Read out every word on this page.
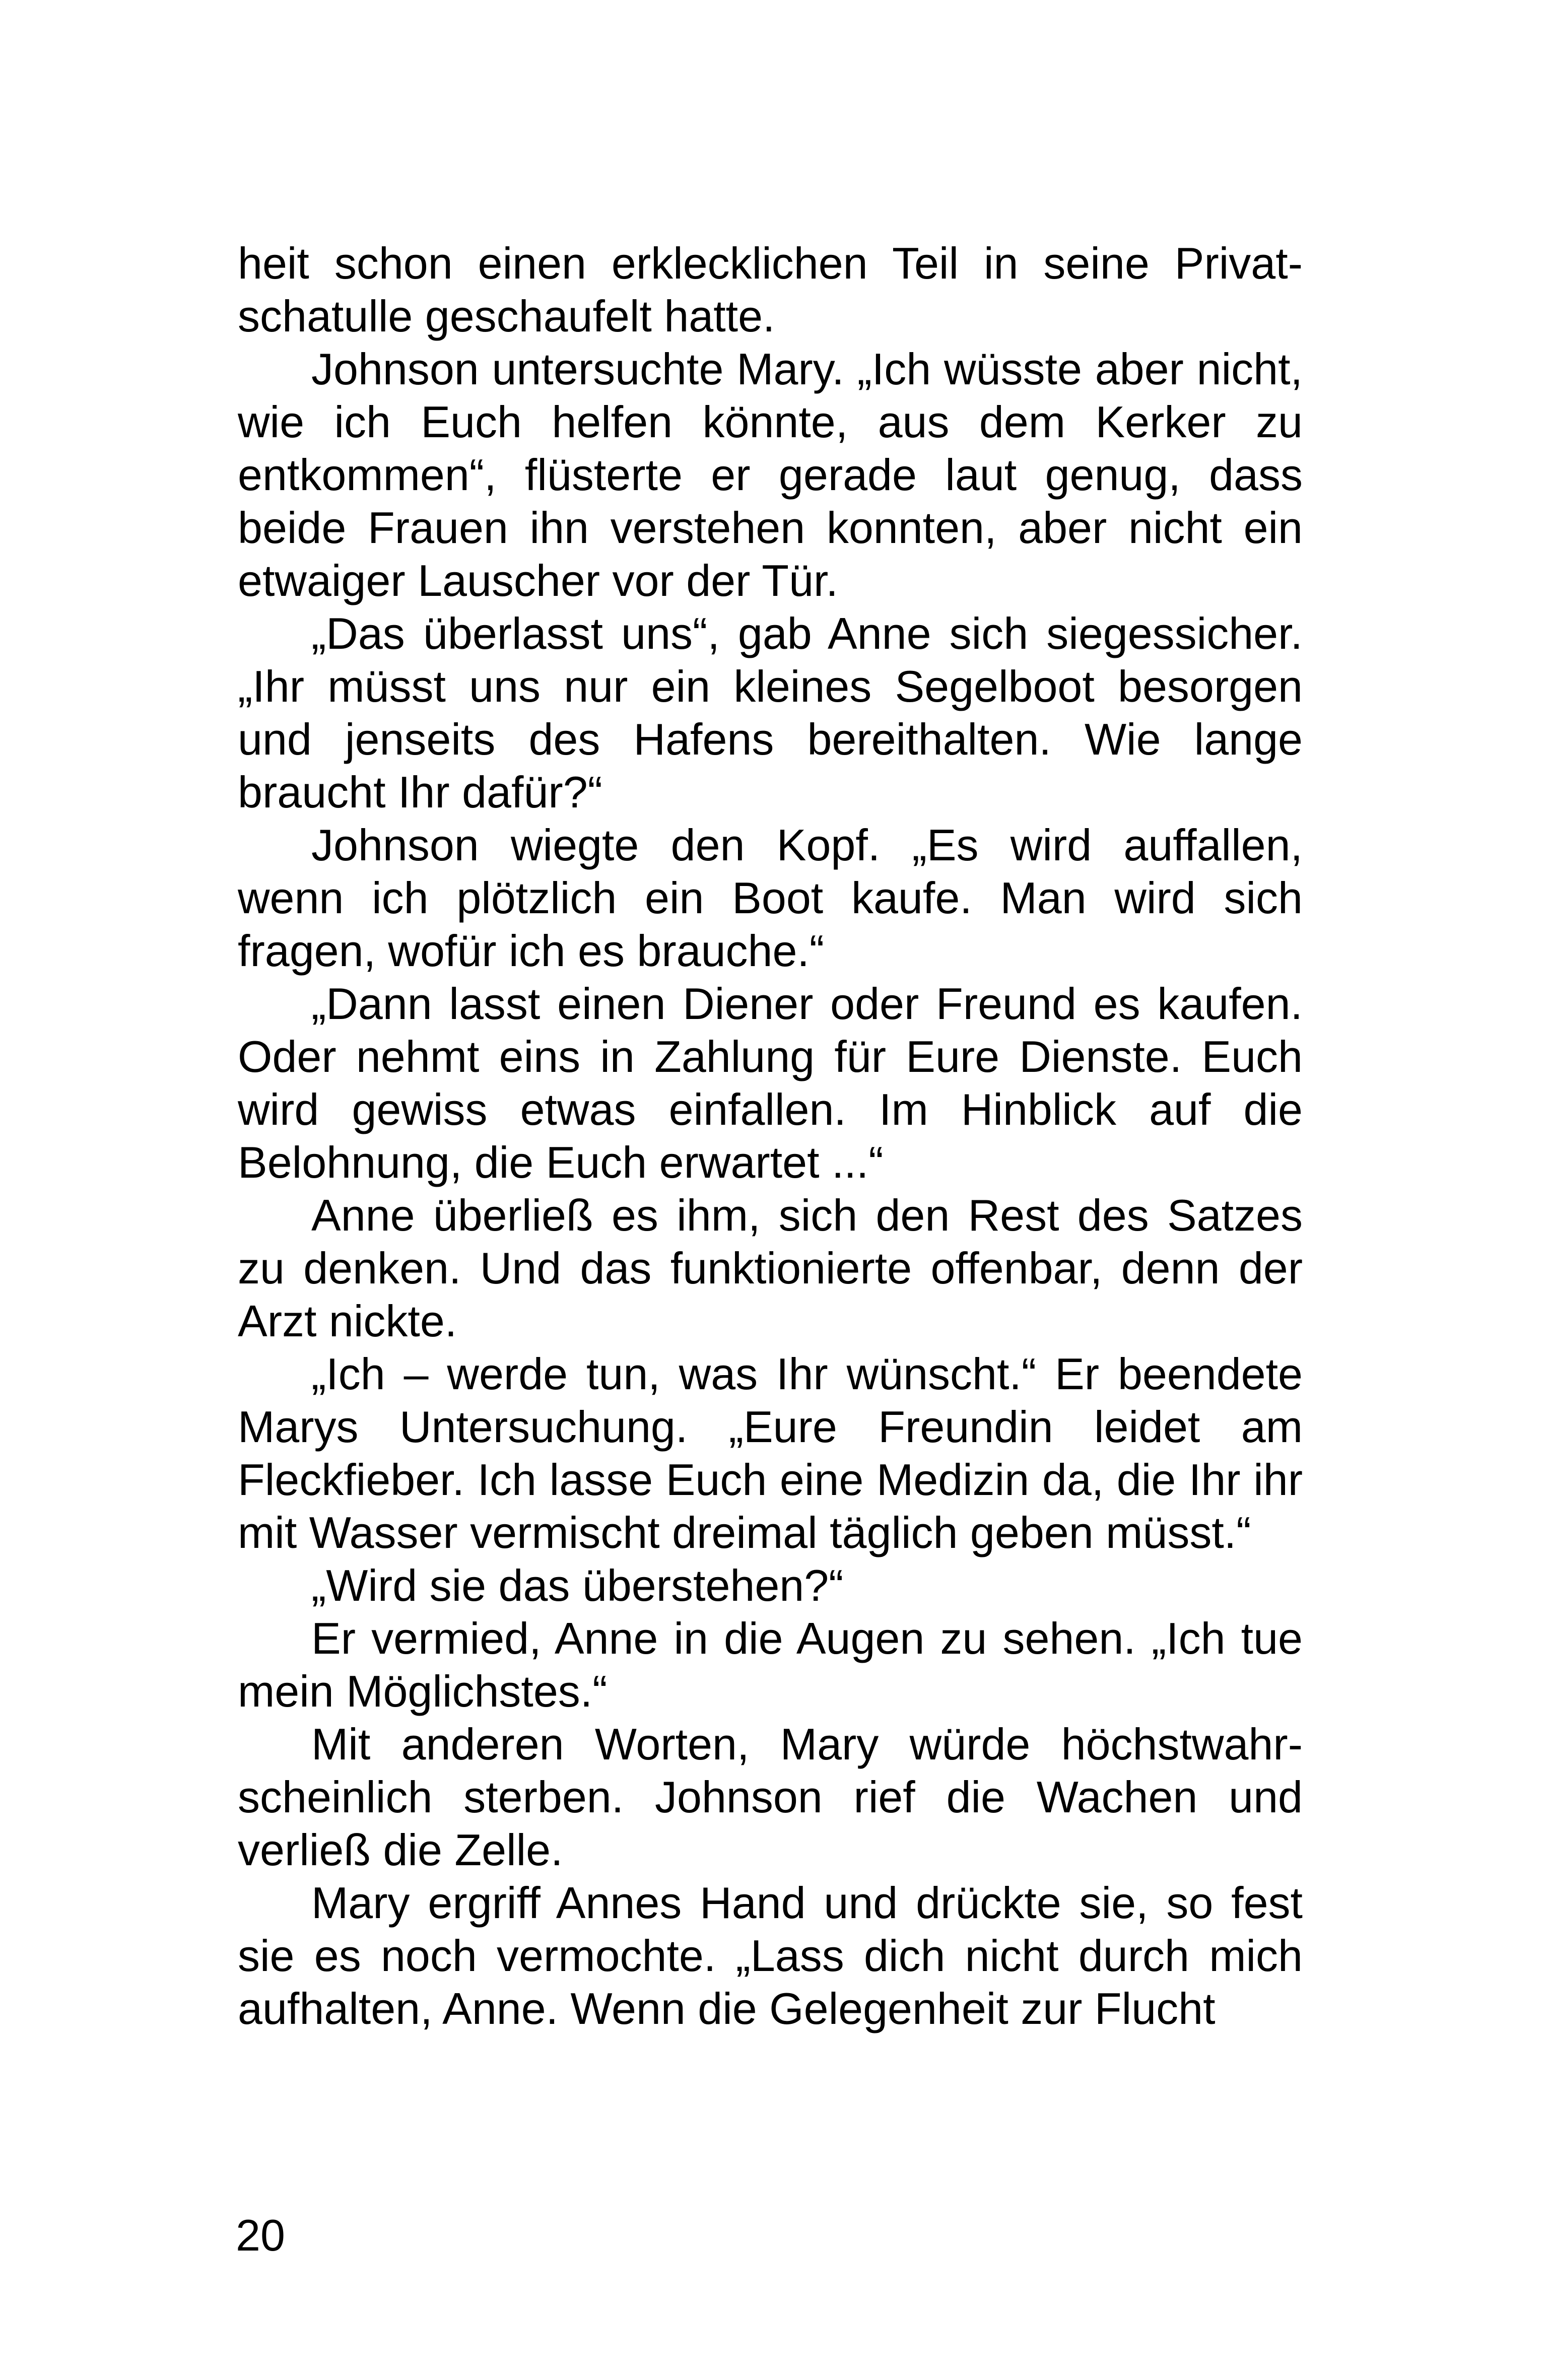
heit schon einen erklecklichen Teil in seine Privatschatulle geschaufelt hatte.

Johnson untersuchte Mary. „Ich wüsste aber nicht, wie ich Euch helfen könnte, aus dem Kerker zu entkommen“, flüsterte er gerade laut genug, dass beide Frauen ihn verstehen konnten, aber nicht ein etwaiger Lauscher vor der Tür.

„Das überlasst uns“, gab Anne sich siegessicher. „Ihr müsst uns nur ein kleines Segelboot besorgen und jenseits des Hafens bereithalten. Wie lange braucht Ihr dafür?“

Johnson wiegte den Kopf. „Es wird auffallen, wenn ich plötzlich ein Boot kaufe. Man wird sich fragen, wofür ich es brauche.“

„Dann lasst einen Diener oder Freund es kaufen. Oder nehmt eins in Zahlung für Eure Dienste. Euch wird gewiss etwas einfallen. Im Hinblick auf die Belohnung, die Euch erwartet ...“

Anne überließ es ihm, sich den Rest des Satzes zu denken. Und das funktionierte offenbar, denn der Arzt nickte.

„Ich – werde tun, was Ihr wünscht.“ Er beendete Marys Untersuchung. „Eure Freundin leidet am Fleckfieber. Ich lasse Euch eine Medizin da, die Ihr ihr mit Wasser vermischt dreimal täglich geben müsst.“

„Wird sie das überstehen?“

Er vermied, Anne in die Augen zu sehen. „Ich tue mein Möglichstes.“

Mit anderen Worten, Mary würde höchstwahrscheinlich sterben. Johnson rief die Wachen und verließ die Zelle.

Mary ergriff Annes Hand und drückte sie, so fest sie es noch vermochte. „Lass dich nicht durch mich aufhalten, Anne. Wenn die Gelegenheit zur Flucht

20
